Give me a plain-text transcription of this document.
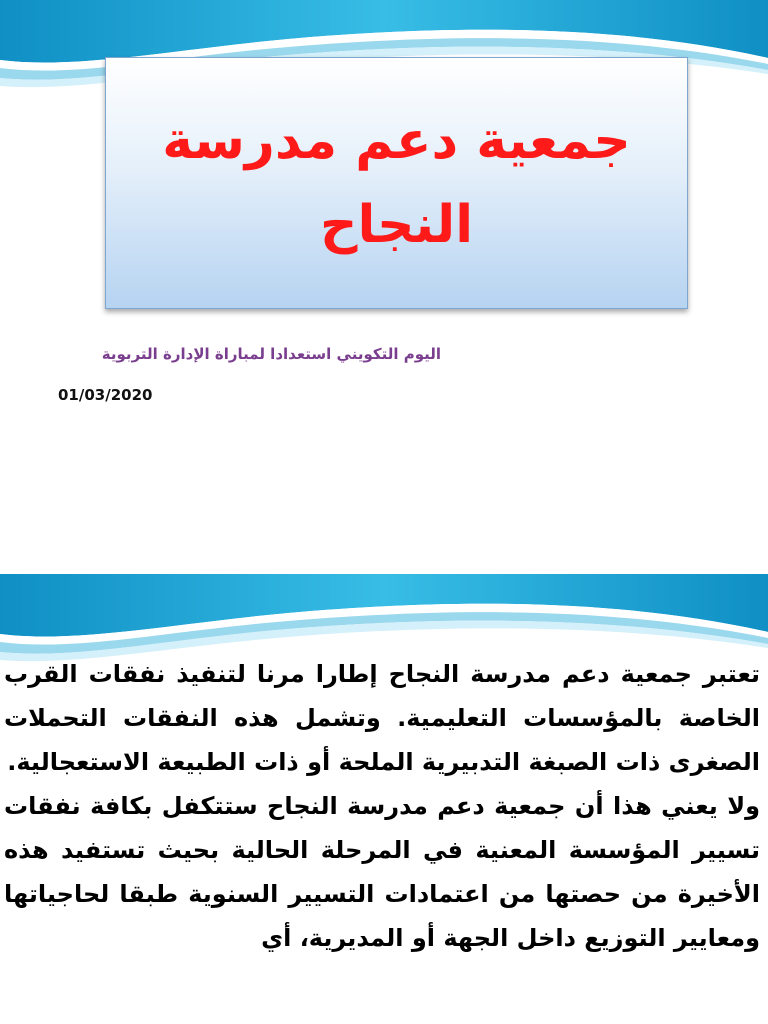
جمعية دعم مدرسة النجاح
اليوم التكويني استعدادا لمباراة الإدارة التربوية
01/03/2020

تعتبر جمعية دعم مدرسة النجاح إطارا مرنا لتنفيذ نفقات القرب الخاصة بالمؤسسات التعليمية. وتشمل هذه النفقات التحملات الصغرى ذات الصبغة التدبيرية الملحة أو ذات الطبيعة الاستعجالية.

ولا يعني هذا أن جمعية دعم مدرسة النجاح ستتكفل بكافة نفقات تسيير المؤسسة المعنية في المرحلة الحالية بحيث تستفيد هذه الأخيرة من حصتها من اعتمادات التسيير السنوية طبقا لحاجياتها ومعايير التوزيع داخل الجهة أو المديرية، أي
